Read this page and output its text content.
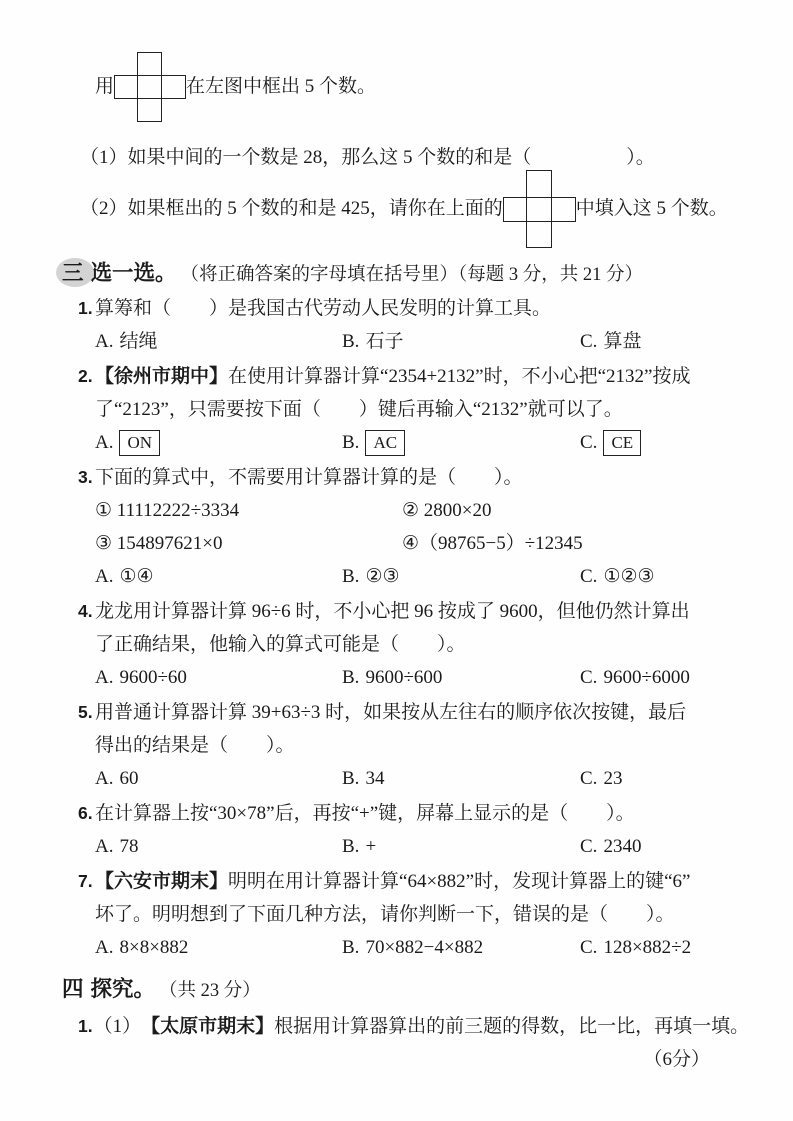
用	在左图中框出 5 个数。
（1）如果中间的一个数是 28，那么这 5 个数的和是（　　　　　）。
（2）如果框出的 5 个数的和是 425，请你在上面的	中填入这 5 个数。
三 选一选。 （将正确答案的字母填在括号里）（每题 3 分，共 21 分）
1. 算筹和（　　）是我国古代劳动人民发明的计算工具。
A. 结绳	B. 石子	C. 算盘
2. 【徐州市期中】在使用计算器计算“2354+2132”时，不小心把“2132”按成
了“2123”，只需要按下面（　　）键后再输入“2132”就可以了。
A. ON	B. AC	C. CE
3. 下面的算式中，不需要用计算器计算的是（　　）。
① 11112222÷3334	② 2800×20
③ 154897621×0	④（98765−5）÷12345
A. ①④	B. ②③	C. ①②③
4. 龙龙用计算器计算 96÷6 时，不小心把 96 按成了 9600，但他仍然计算出
了正确结果，他输入的算式可能是（　　）。
A. 9600÷60	B. 9600÷600	C. 9600÷6000
5. 用普通计算器计算 39+63÷3 时，如果按从左往右的顺序依次按键，最后
得出的结果是（　　）。
A. 60	B. 34	C. 23
6. 在计算器上按“30×78”后，再按“+”键，屏幕上显示的是（　　）。
A. 78	B. +	C. 2340
7. 【六安市期末】明明在用计算器计算“64×882”时，发现计算器上的键“6”
坏了。明明想到了下面几种方法，请你判断一下，错误的是（　　）。
A. 8×8×882	B. 70×882−4×882	C. 128×882÷2
四 探究。 （共 23 分）
1. （1） 【太原市期末】 根据用计算器算出的前三题的得数，比一比，再填一填。
（6分）
